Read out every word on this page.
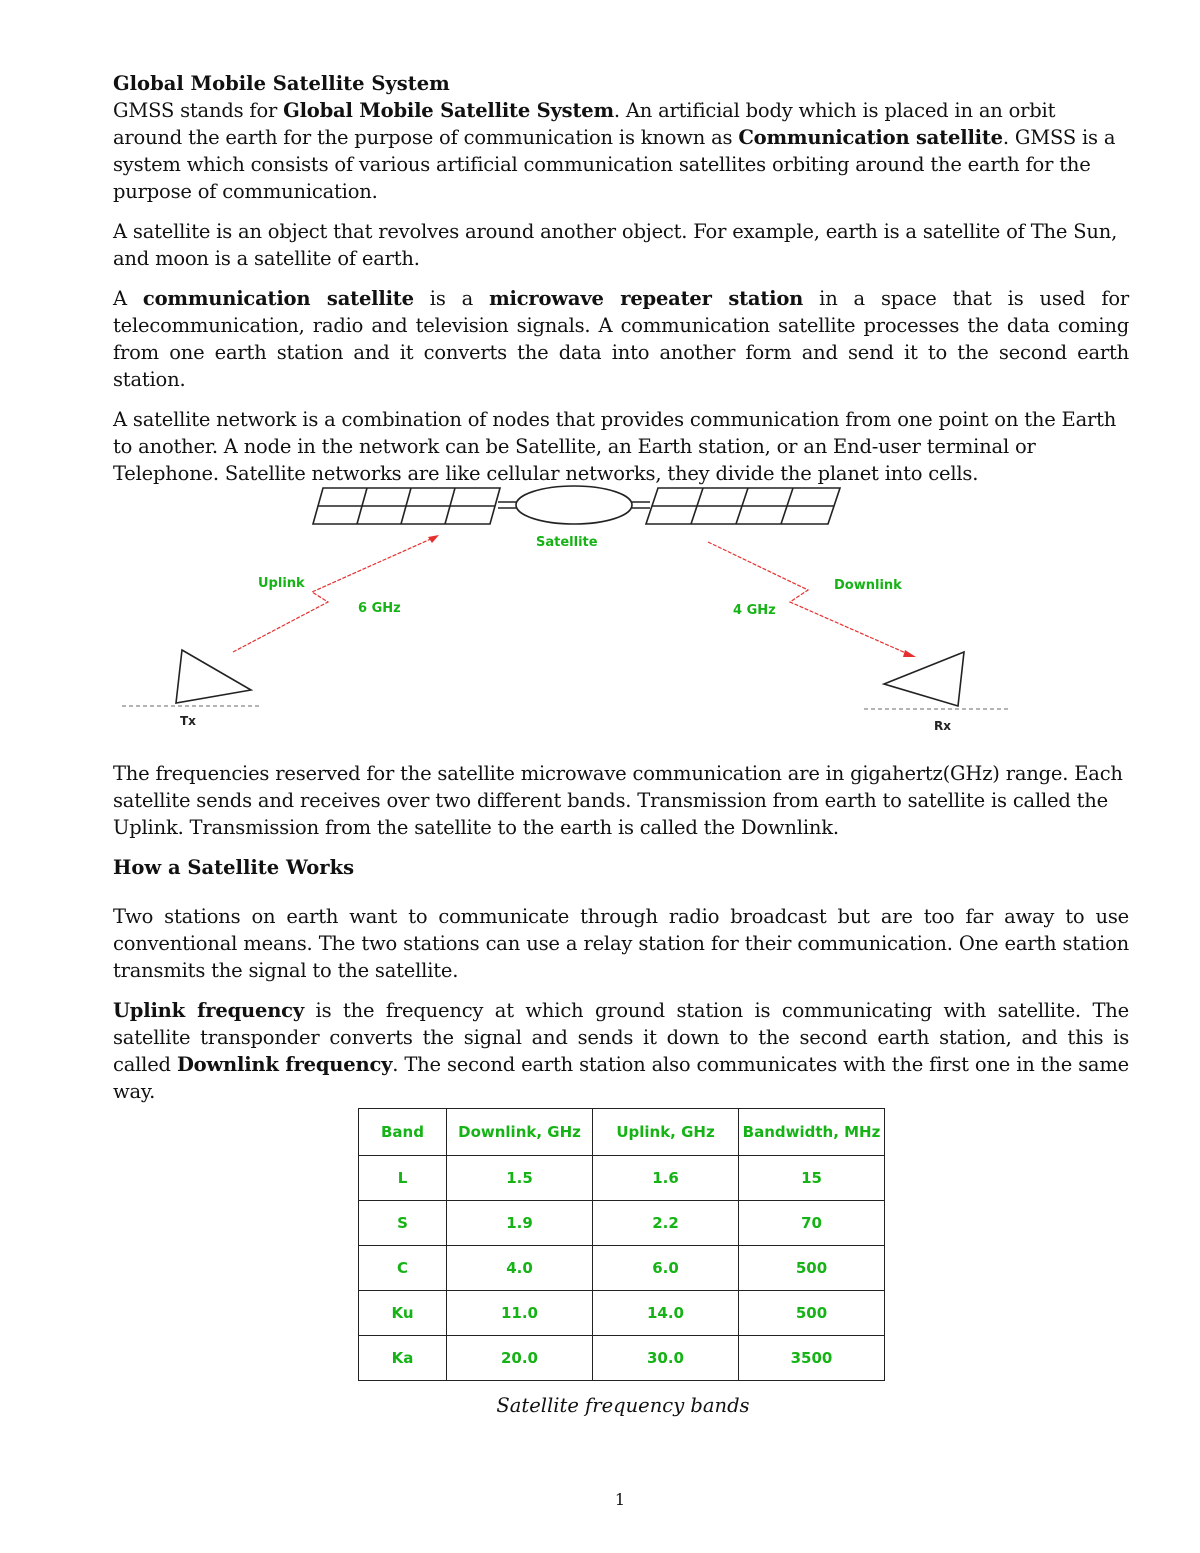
Global Mobile Satellite System

GMSS stands for Global Mobile Satellite System. An artificial body which is placed in an orbit around the earth for the purpose of communication is known as Communication satellite. GMSS is a system which consists of various artificial communication satellites orbiting around the earth for the purpose of communication.

A satellite is an object that revolves around another object. For example, earth is a satellite of The Sun, and moon is a satellite of earth.

A communication satellite is a microwave repeater station in a space that is used for telecommunication, radio and television signals. A communication satellite processes the data coming from one earth station and it converts the data into another form and send it to the second earth station.

A satellite network is a combination of nodes that provides communication from one point on the Earth to another. A node in the network can be Satellite, an Earth station, or an End-user terminal or Telephone. Satellite networks are like cellular networks, they divide the planet into cells.

Satellite
Uplink
6 GHz
Downlink
4 GHz
Tx	Rx

The frequencies reserved for the satellite microwave communication are in gigahertz(GHz) range. Each satellite sends and receives over two different bands. Transmission from earth to satellite is called the Uplink. Transmission from the satellite to the earth is called the Downlink.

How a Satellite Works

Two stations on earth want to communicate through radio broadcast but are too far away to use conventional means. The two stations can use a relay station for their communication. One earth station transmits the signal to the satellite.

Uplink frequency is the frequency at which ground station is communicating with satellite. The satellite transponder converts the signal and sends it down to the second earth station, and this is called Downlink frequency. The second earth station also communicates with the first one in the same way.

Band	Downlink, GHz	Uplink, GHz	Bandwidth, MHz
L	1.5	1.6	15
S	1.9	2.2	70
C	4.0	6.0	500
Ku	11.0	14.0	500
Ka	20.0	30.0	3500
Satellite frequency bands
1
